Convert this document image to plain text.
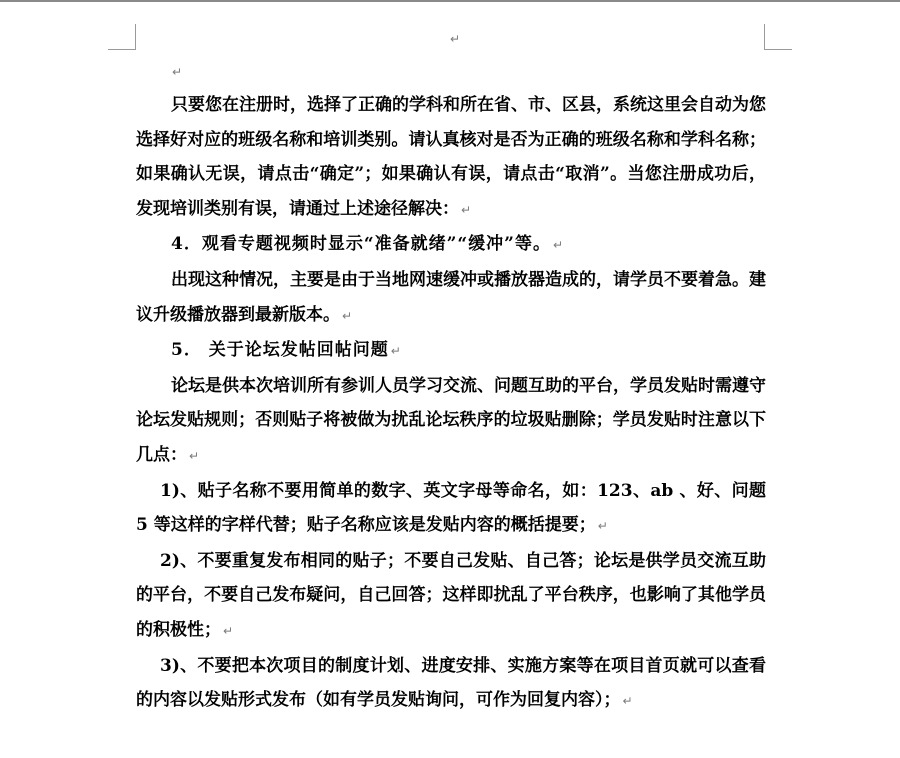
↵
↵

只要您在注册时，选择了正确的学科和所在省、市、区县，系统这里会自动为您选择好对应的班级名称和培训类别。请认真核对是否为正确的班级名称和学科名称；如果确认无误，请点击“确定”；如果确认有误，请点击“取消”。当您注册成功后，发现培训类别有误，请通过上述途径解决： ↵

4．观看专题视频时显示“准备就绪”“缓冲”等。 ↵

出现这种情况，主要是由于当地网速缓冲或播放器造成的，请学员不要着急。建议升级播放器到最新版本。 ↵

5． 关于论坛发帖回帖问题 ↵

论坛是供本次培训所有参训人员学习交流、问题互助的平台，学员发贴时需遵守论坛发贴规则；否则贴子将被做为扰乱论坛秩序的垃圾贴删除；学员发贴时注意以下几点： ↵

1)、贴子名称不要用简单的数字、英文字母等命名，如：123、ab 、好、问题 5 等这样的字样代替；贴子名称应该是发贴内容的概括提要； ↵

2)、不要重复发布相同的贴子；不要自己发贴、自己答；论坛是供学员交流互助的平台，不要自己发布疑问，自己回答；这样即扰乱了平台秩序，也影响了其他学员的积极性； ↵

3)、不要把本次项目的制度计划、进度安排、实施方案等在项目首页就可以查看的内容以发贴形式发布（如有学员发贴询问，可作为回复内容）； ↵
